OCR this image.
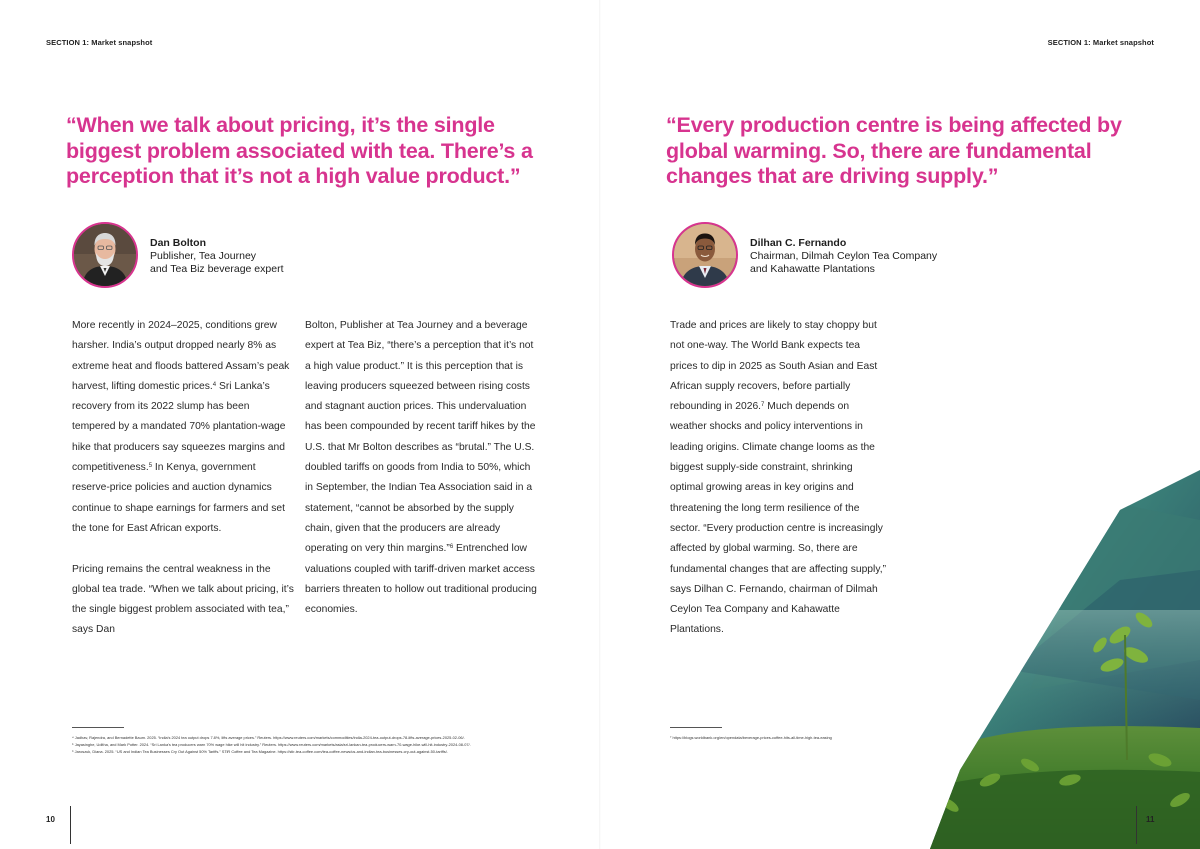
SECTION 1: Market snapshot
“When we talk about pricing, it’s the single biggest problem associated with tea. There’s a perception that it’s not a high value product.”
Dan Bolton
Publisher, Tea Journey
and Tea Biz beverage expert

More recently in 2024–2025, conditions grew harsher. India’s output dropped nearly 8% as extreme heat and floods battered Assam’s peak harvest, lifting domestic prices.$^4$ Sri Lanka’s recovery from its 2022 slump has been tempered by a mandated 70% plantation-wage hike that producers say squeezes margins and competitiveness.$^5$ In Kenya, government reserve-price policies and auction dynamics continue to shape earnings for farmers and set the tone for East African exports.

Pricing remains the central weakness in the global tea trade. “When we talk about pricing, it’s the single biggest problem associated with tea,” says Dan

Bolton, Publisher at Tea Journey and a beverage expert at Tea Biz, “there’s a perception that it’s not a high value product.” It is this perception that is leaving producers squeezed between rising costs and stagnant auction prices. This undervaluation has been compounded by recent tariff hikes by the U.S. that Mr Bolton describes as “brutal.” The U.S. doubled tariffs on goods from India to 50%, which in September, the Indian Tea Association said in a statement, “cannot be absorbed by the supply chain, given that the producers are already operating on very thin margins.”$^6$ Entrenched low valuations coupled with tariff-driven market access barriers threaten to hollow out traditional producing economies.

⁴ Jadhav, Rajendra, and Bernadette Baum. 2025. “India’s 2024 tea output drops 7.8%, lifts average prices.” Reuters. https://www.reuters.com/markets/commodities/india-2024-tea-output-drops-78-lifts-average-prices-2025-02-06/.
⁵ Jayasinghe, Uditha, and Mark Potter. 2024. “Sri Lanka’s tea producers warn 70% wage hike will hit industry.” Reuters. https://www.reuters.com/markets/asia/sri-lankan-tea-producers-warn-70-wage-hike-will-hit-industry-2024-08-07/.
⁶ Jaroszuk, Diana. 2025. “US and Indian Tea Businesses Cry Out Against 50% Tariffs.” STiR Coffee and Tea Magazine. https://stir-tea-coffee.com/tea-coffee-news/us-and-indian-tea-businesses-cry-out-against-50-tariffs/.
10
SECTION 1: Market snapshot
“Every production centre is being affected by global warming. So, there are fundamental changes that are driving supply.”
Dilhan C. Fernando
Chairman, Dilmah Ceylon Tea Company
and Kahawatte Plantations

Trade and prices are likely to stay choppy but not one-way. The World Bank expects tea prices to dip in 2025 as South Asian and East African supply recovers, before partially rebounding in 2026.$^7$ Much depends on weather shocks and policy interventions in leading origins. Climate change looms as the biggest supply-side constraint, shrinking optimal growing areas in key origins and threatening the long term resilience of the sector. “Every production centre is increasingly affected by global warming. So, there are fundamental changes that are affecting supply,” says Dilhan C. Fernando, chairman of Dilmah Ceylon Tea Company and Kahawatte Plantations.

⁷ https://blogs.worldbank.org/en/opendata/beverage-prices-coffee-hits-all-time-high-tea-easing
11
